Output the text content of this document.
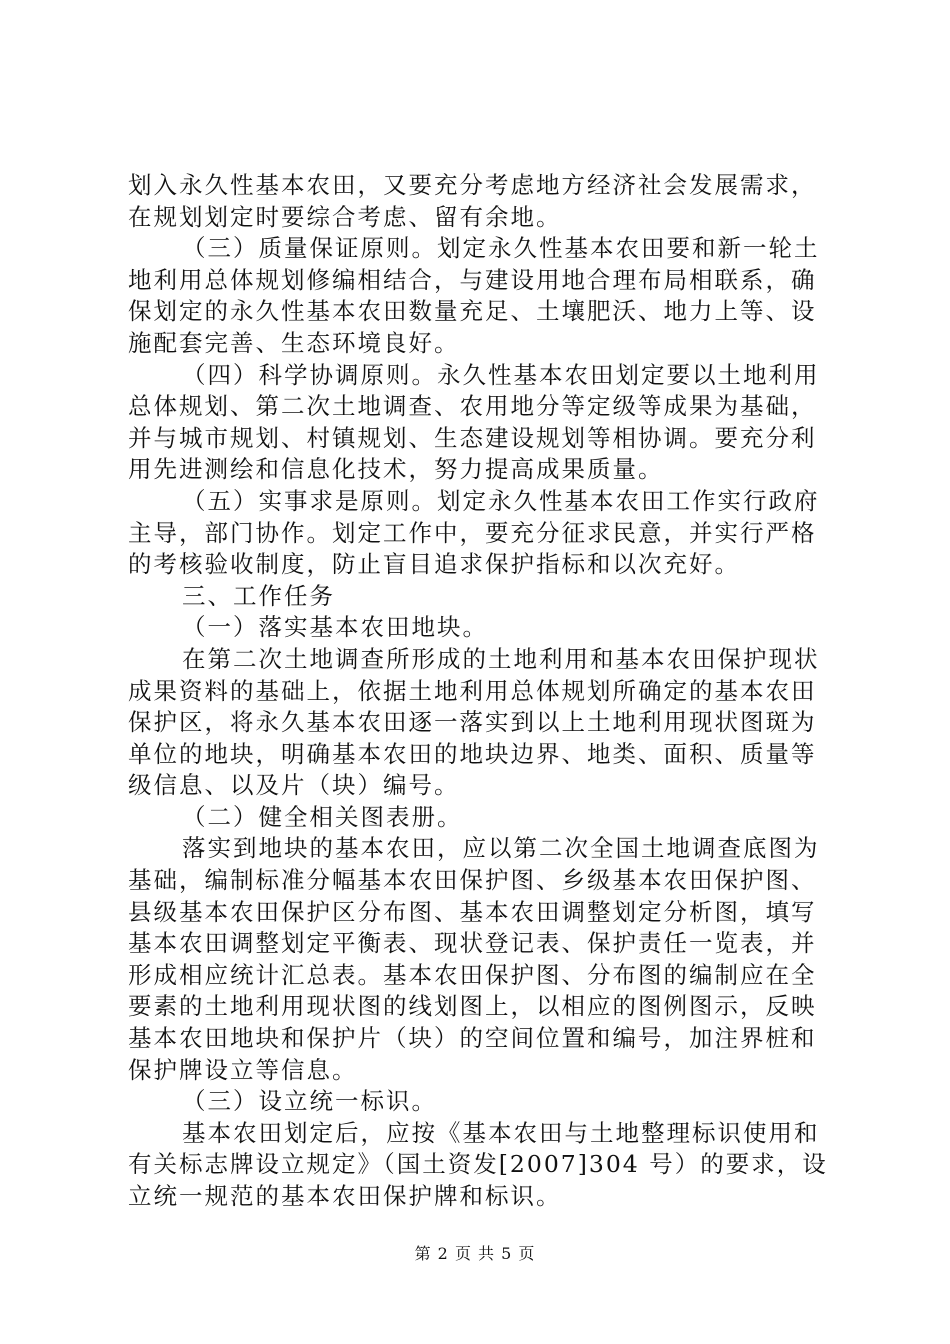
划入永久性基本农田，又要充分考虑地方经济社会发展需求，
在规划划定时要综合考虑、留有余地。
（三）质量保证原则。划定永久性基本农田要和新一轮土
地利用总体规划修编相结合，与建设用地合理布局相联系，确
保划定的永久性基本农田数量充足、土壤肥沃、地力上等、设
施配套完善、生态环境良好。
（四）科学协调原则。永久性基本农田划定要以土地利用
总体规划、第二次土地调查、农用地分等定级等成果为基础，
并与城市规划、村镇规划、生态建设规划等相协调。要充分利
用先进测绘和信息化技术，努力提高成果质量。
（五）实事求是原则。划定永久性基本农田工作实行政府
主导，部门协作。划定工作中，要充分征求民意，并实行严格
的考核验收制度，防止盲目追求保护指标和以次充好。
三、工作任务
（一）落实基本农田地块。
在第二次土地调查所形成的土地利用和基本农田保护现状
成果资料的基础上，依据土地利用总体规划所确定的基本农田
保护区，将永久基本农田逐一落实到以上土地利用现状图斑为
单位的地块，明确基本农田的地块边界、地类、面积、质量等
级信息、以及片（块）编号。
（二）健全相关图表册。
落实到地块的基本农田，应以第二次全国土地调查底图为
基础，编制标准分幅基本农田保护图、乡级基本农田保护图、
县级基本农田保护区分布图、基本农田调整划定分析图，填写
基本农田调整划定平衡表、现状登记表、保护责任一览表，并
形成相应统计汇总表。基本农田保护图、分布图的编制应在全
要素的土地利用现状图的线划图上，以相应的图例图示，反映
基本农田地块和保护片（块）的空间位置和编号，加注界桩和
保护牌设立等信息。
（三）设立统一标识。
基本农田划定后，应按《基本农田与土地整理标识使用和
有关标志牌设立规定》（国土资发[2007]304 号）的要求，设
立统一规范的基本农田保护牌和标识。
第 2 页 共 5 页
